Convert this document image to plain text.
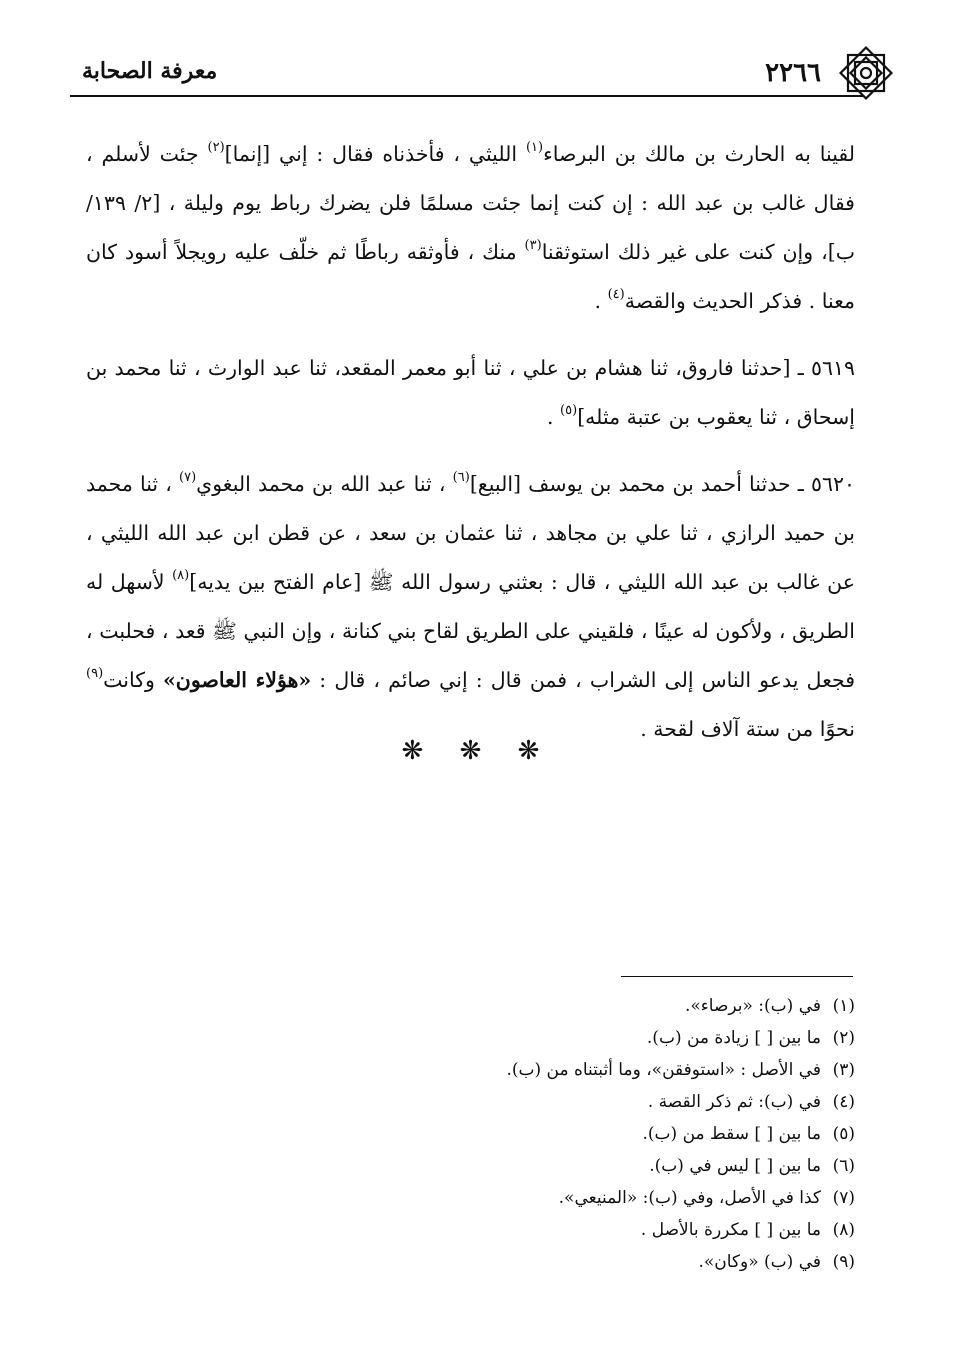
٢٢٦٦
معرفة الصحابة

لقينا به الحارث بن مالك بن البرصاء$^{(١)}$ الليثي ، فأخذناه فقال : إني [إنما]$^{(٢)}$ جئت لأسلم ، فقال غالب بن عبد الله : إن كنت إنما جئت مسلمًا فلن يضرك رباط يوم وليلة ، [٢/ ١٣٩/ ب]، وإن كنت على غير ذلك استوثقنا$^{(٣)}$ منك ، فأوثقه رباطًا ثم خلّف عليه رويجلاً أسود كان معنا . فذكر الحديث والقصة$^{(٤)}$ .

٥٦١٩ ـ [حدثنا فاروق، ثنا هشام بن علي ، ثنا أبو معمر المقعد، ثنا عبد الوارث ، ثنا محمد بن إسحاق ، ثنا يعقوب بن عتبة مثله]$^{(٥)}$ .

٥٦٢٠ ـ حدثنا أحمد بن محمد بن يوسف [البيع]$^{(٦)}$ ، ثنا عبد الله بن محمد البغوي$^{(٧)}$ ، ثنا محمد بن حميد الرازي ، ثنا علي بن مجاهد ، ثنا عثمان بن سعد ، عن قطن ابن عبد الله الليثي ، عن غالب بن عبد الله الليثي ، قال : بعثني رسول الله ﷺ [عام الفتح بين يديه]$^{(٨)}$ لأسهل له الطريق ، ولأكون له عينًا ، فلقيني على الطريق لقاح بني كنانة ، وإن النبي ﷺ قعد ، فحلبت ، فجعل يدعو الناس إلى الشراب ، فمن قال : إني صائم ، قال : «هؤلاء العاصون» وكانت$^{(٩)}$ نحوًا من ستة آلاف لقحة .

❋ ❋ ❋
(١)في (ب): «برصاء».
(٢)ما بين [ ] زيادة من (ب).
(٣)في الأصل : «استوفقن»، وما أثبتناه من (ب).
(٤)في (ب): ثم ذكر القصة .
(٥)ما بين [ ] سقط من (ب).
(٦)ما بين [ ] ليس في (ب).
(٧)كذا في الأصل، وفي (ب): «المنيعي».
(٨)ما بين [ ] مكررة بالأصل .
(٩)في (ب) «وكان».
